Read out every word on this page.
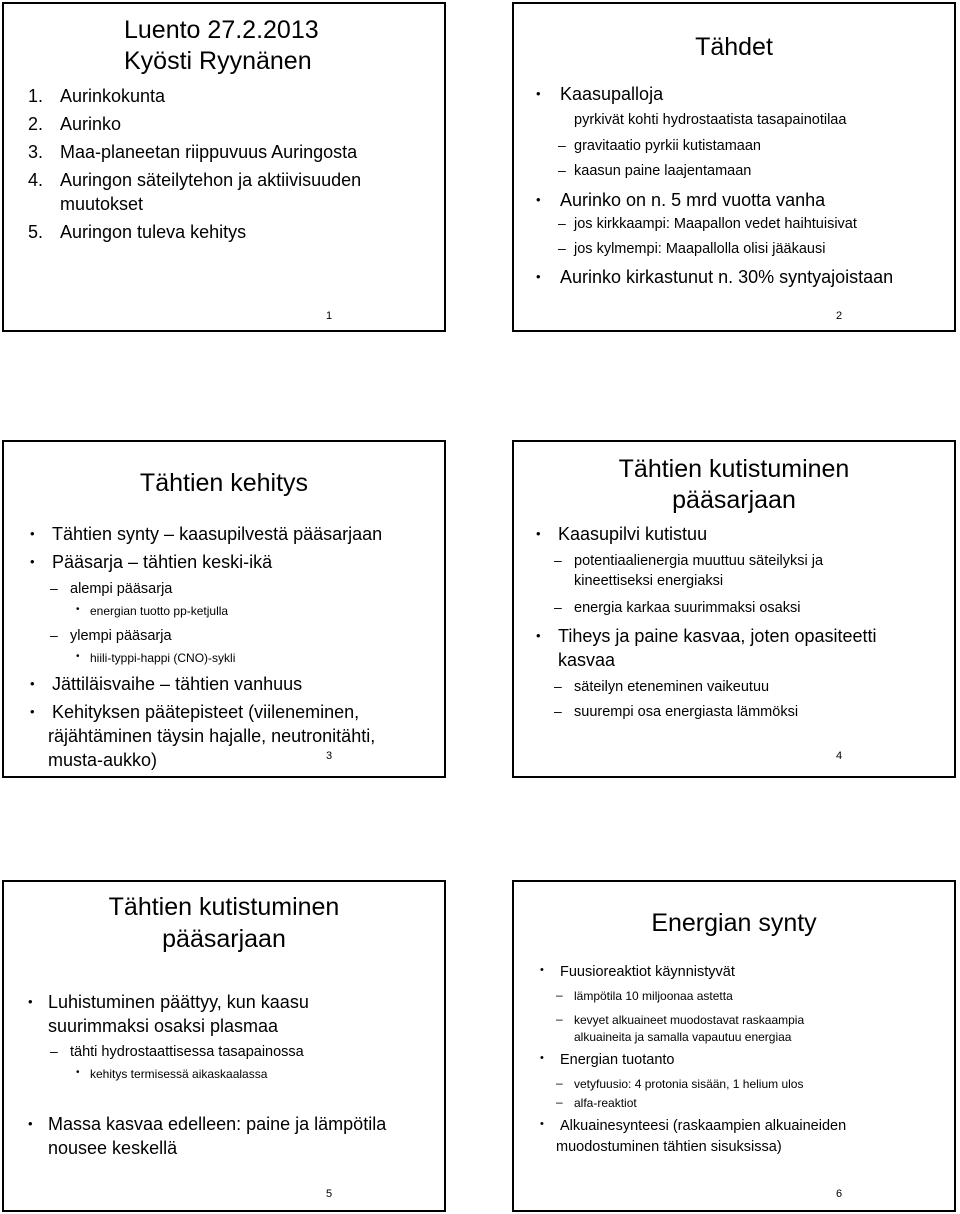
Luento 27.2.2013
Kyösti Ryynänen
1. Aurinkokunta
2. Aurinko
3. Maa-planeetan riippuvuus Auringosta
4. Auringon säteilytehon ja aktiivisuuden
muutokset
5. Auringon tuleva kehitys
1
Tähdet
• Kaasupalloja
pyrkivät kohti hydrostaatista tasapainotilaa
– gravitaatio pyrkii kutistamaan
– kaasun paine laajentamaan
• Aurinko on n. 5 mrd vuotta vanha
– jos kirkkaampi: Maapallon vedet haihtuisivat
– jos kylmempi: Maapallolla olisi jääkausi
• Aurinko kirkastunut n. 30% syntyajoistaan
2
Tähtien kehitys
• Tähtien synty – kaasupilvestä pääsarjaan
• Pääsarja – tähtien keski-ikä
– alempi pääsarja
• energian tuotto pp-ketjulla
– ylempi pääsarja
• hiili-typpi-happi (CNO)-sykli
• Jättiläisvaihe – tähtien vanhuus
• Kehityksen päätepisteet (viileneminen,
räjähtäminen täysin hajalle, neutronitähti,
musta-aukko)	3
Tähtien kutistuminen
pääsarjaan
• Kaasupilvi kutistuu
– potentiaalienergia muuttuu säteilyksi ja
kineettiseksi energiaksi
– energia karkaa suurimmaksi osaksi
• Tiheys ja paine kasvaa, joten opasiteetti
kasvaa
– säteilyn eteneminen vaikeutuu
– suurempi osa energiasta lämmöksi
4
Tähtien kutistuminen
pääsarjaan
• Luhistuminen päättyy, kun kaasu
suurimmaksi osaksi plasmaa
– tähti hydrostaattisessa tasapainossa
• kehitys termisessä aikaskaalassa
• Massa kasvaa edelleen: paine ja lämpötila
nousee keskellä
5
Energian synty
• Fuusioreaktiot käynnistyvät
– lämpötila 10 miljoonaa astetta
– kevyet alkuaineet muodostavat raskaampia
alkuaineita ja samalla vapautuu energiaa
• Energian tuotanto
– vetyfuusio: 4 protonia sisään, 1 helium ulos
– alfa-reaktiot
• Alkuainesynteesi (raskaampien alkuaineiden
muodostuminen tähtien sisuksissa)
6
